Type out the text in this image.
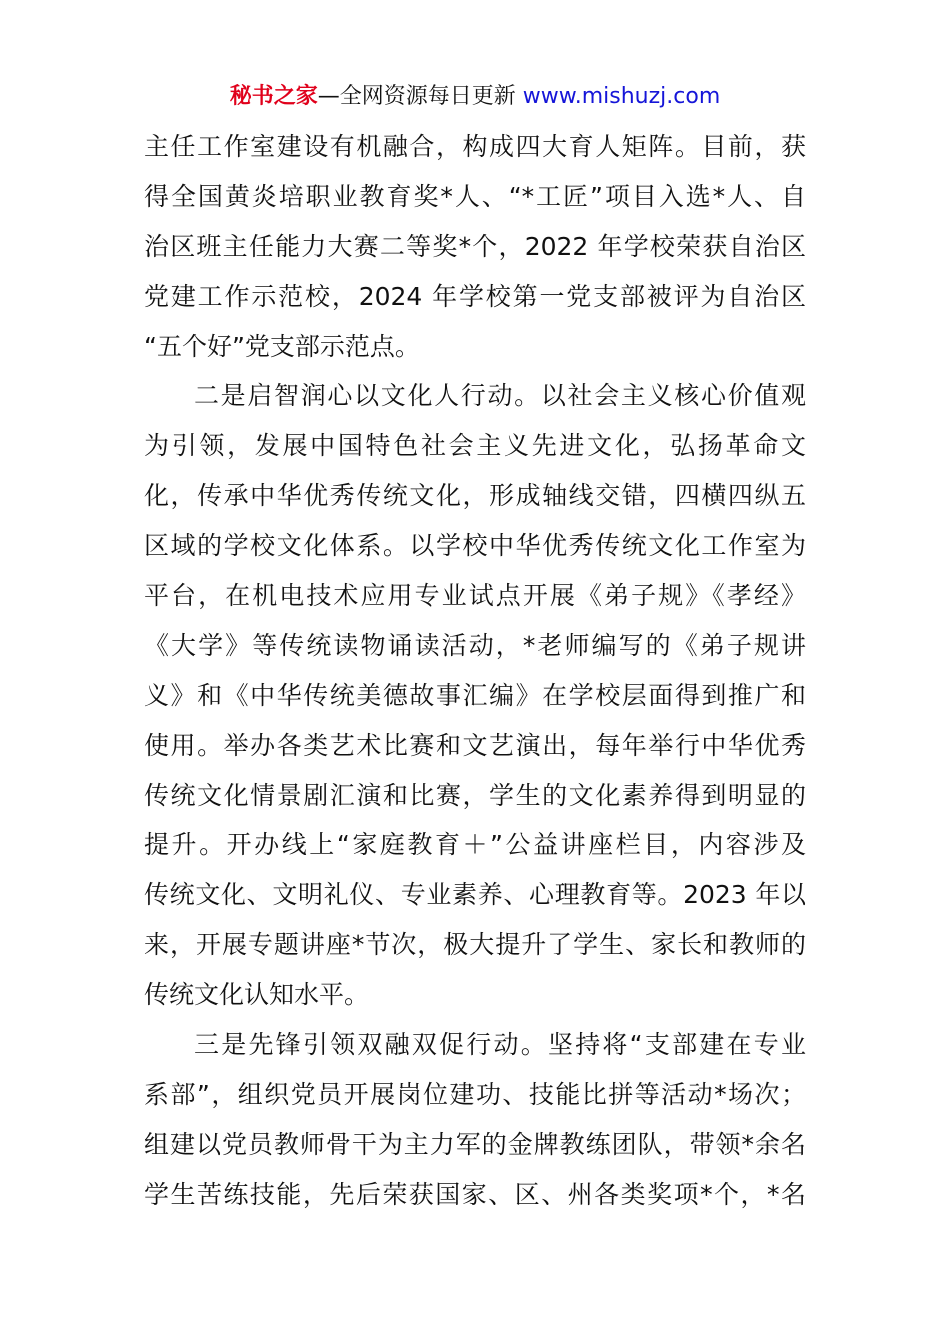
秘书之家—全网资源每日更新 www.mishuzj.com
主任工作室建设有机融合，构成四大育人矩阵。目前，获
得全国黄炎培职业教育奖*人、“*工匠”项目入选*人、自
治区班主任能力大赛二等奖*个，2022 年学校荣获自治区
党建工作示范校，2024 年学校第一党支部被评为自治区
“五个好”党支部示范点。
二是启智润心以文化人行动。以社会主义核心价值观
为引领，发展中国特色社会主义先进文化，弘扬革命文
化，传承中华优秀传统文化，形成轴线交错，四横四纵五
区域的学校文化体系。以学校中华优秀传统文化工作室为
平台，在机电技术应用专业试点开展《弟子规》《孝经》
《大学》等传统读物诵读活动，*老师编写的《弟子规讲
义》和《中华传统美德故事汇编》在学校层面得到推广和
使用。举办各类艺术比赛和文艺演出，每年举行中华优秀
传统文化情景剧汇演和比赛，学生的文化素养得到明显的
提升。开办线上“家庭教育＋”公益讲座栏目，内容涉及
传统文化、文明礼仪、专业素养、心理教育等。2023 年以
来，开展专题讲座*节次，极大提升了学生、家长和教师的
传统文化认知水平。
三是先锋引领双融双促行动。坚持将“支部建在专业
系部”，组织党员开展岗位建功、技能比拼等活动*场次；
组建以党员教师骨干为主力军的金牌教练团队，带领*余名
学生苦练技能，先后荣获国家、区、州各类奖项*个，*名
